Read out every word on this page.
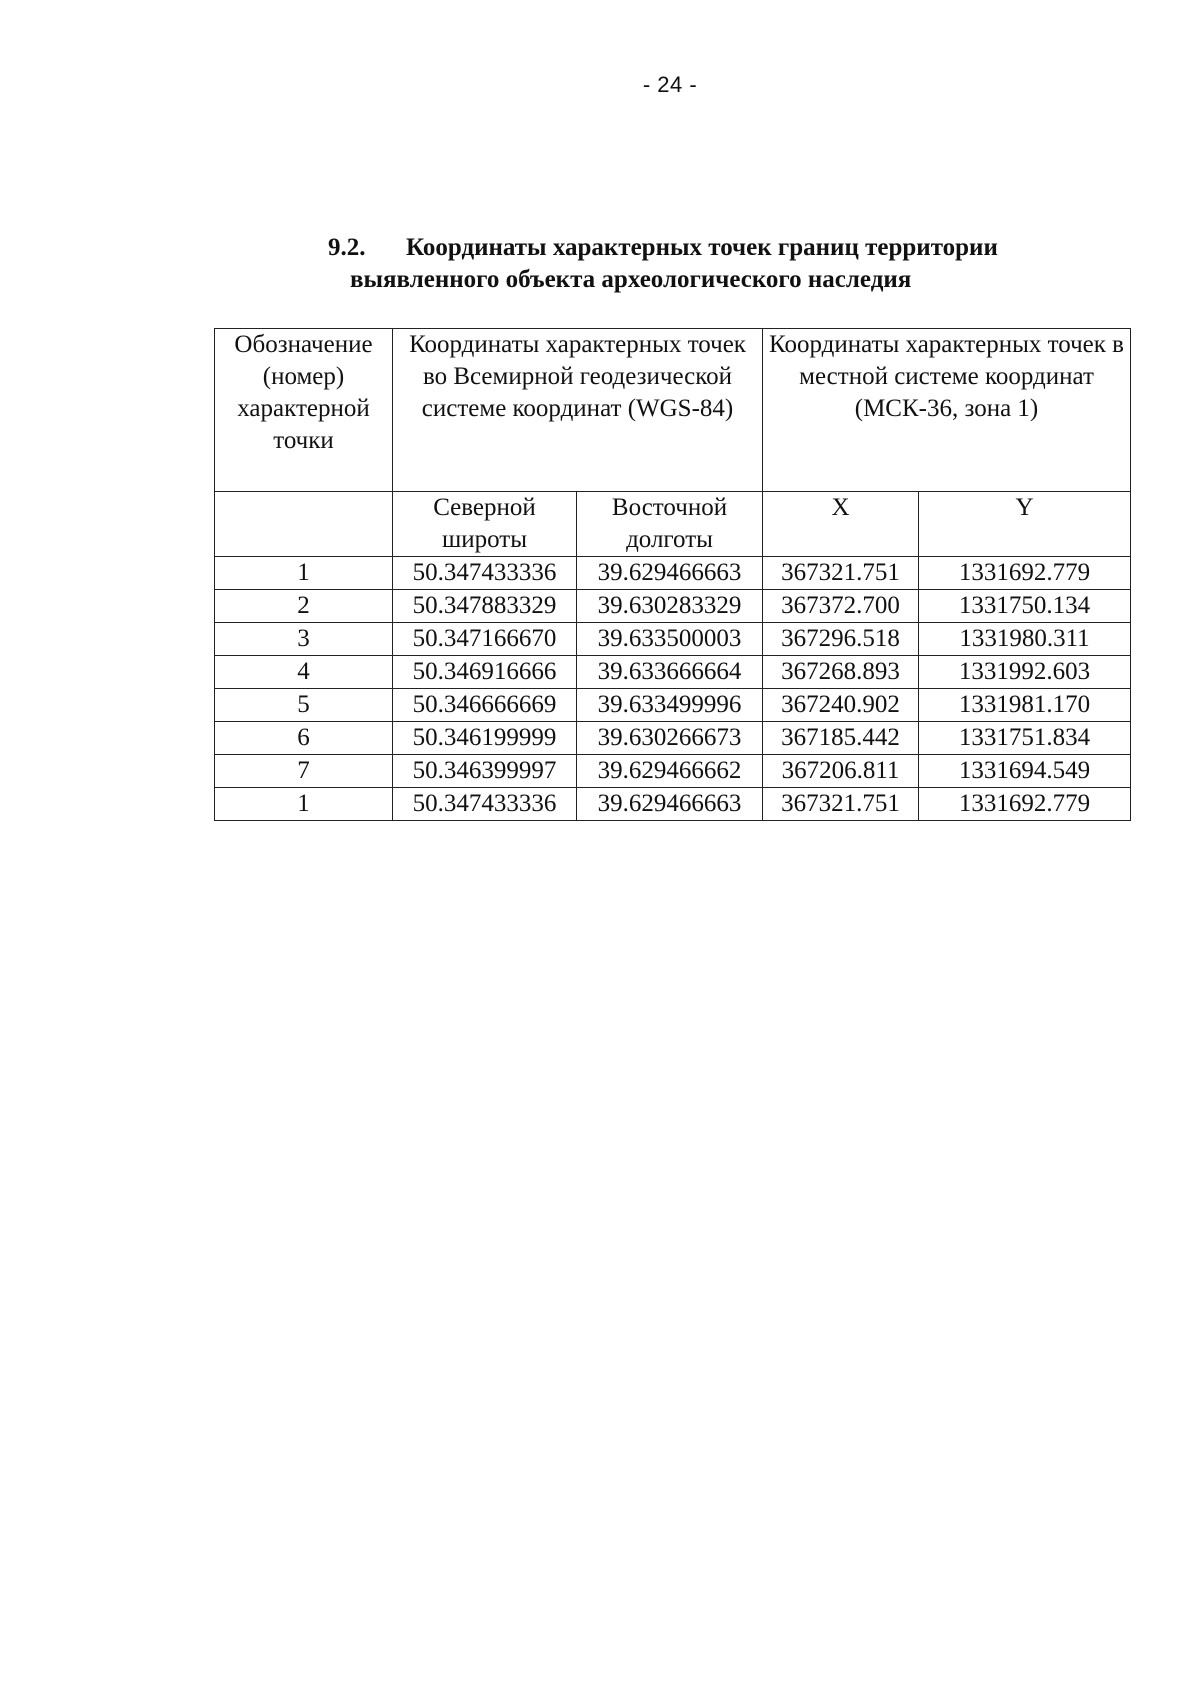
- 24 -
9.2. Координаты характерных точек границ территории
выявленного объекта археологического наследия
Обозначение (номер) характерной точки	Координаты характерных точек во Всемирной геодезической системе координат (WGS-84)		Координаты характерных точек в местной системе координат (МСК-36, зона 1)	

	Северной широты	Восточной долготы	X	Y
1	50.347433336	39.629466663	367321.751	1331692.779
2	50.347883329	39.630283329	367372.700	1331750.134
3	50.347166670	39.633500003	367296.518	1331980.311
4	50.346916666	39.633666664	367268.893	1331992.603
5	50.346666669	39.633499996	367240.902	1331981.170
6	50.346199999	39.630266673	367185.442	1331751.834
7	50.346399997	39.629466662	367206.811	1331694.549
1	50.347433336	39.629466663	367321.751	1331692.779
